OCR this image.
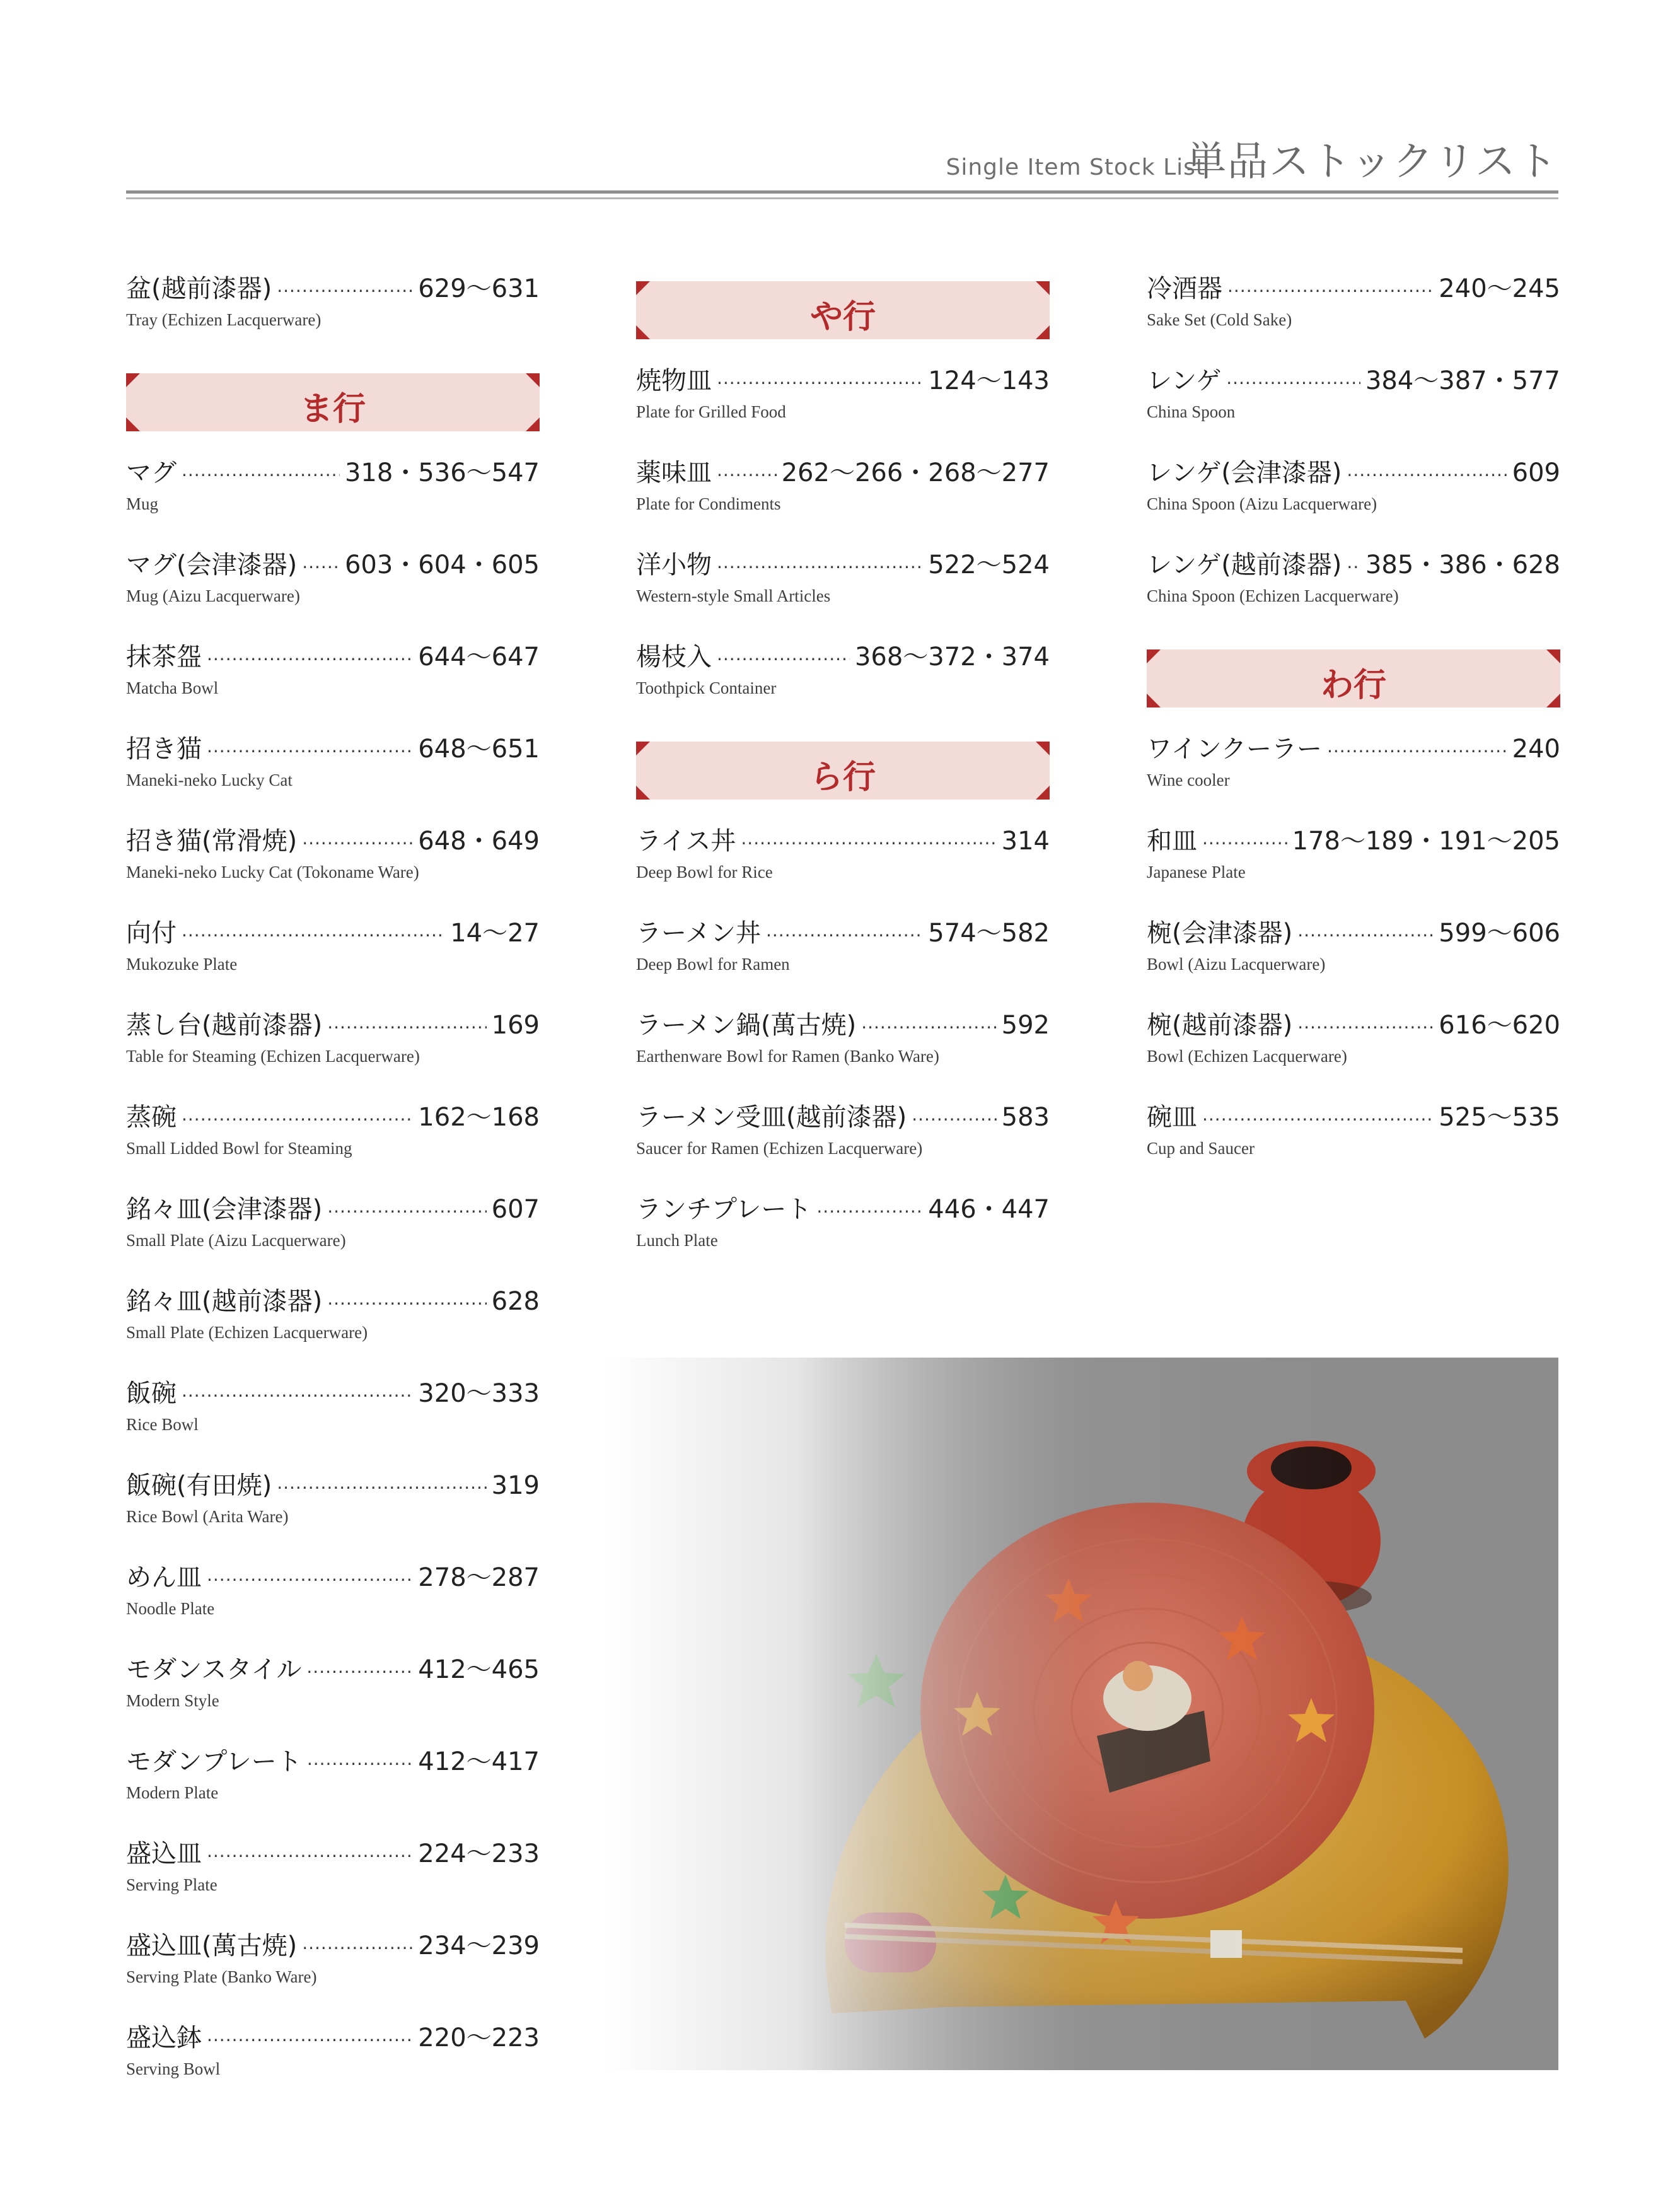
Single Item Stock List
単品ストックリスト
盆(越前漆器) ·····	629〜631
Tray (Echizen Lacquerware)
ま行
マグ ·····	318・536〜547
Mug
マグ(会津漆器) ····· 603・604・605
Mug (Aizu Lacquerware)
抹茶盌 ·····	644〜647
Matcha Bowl
招き猫 ·····	648〜651
Maneki-neko Lucky Cat
招き猫(常滑焼) ·····	648・649
Maneki-neko Lucky Cat (Tokoname Ware)
向付 ·····	14〜27
Mukozuke Plate
蒸し台(越前漆器) ·····	169
Table for Steaming (Echizen Lacquerware)
蒸碗 ·····	162〜168
Small Lidded Bowl for Steaming
銘々皿(会津漆器) ·····	607
Small Plate (Aizu Lacquerware)
銘々皿(越前漆器) ·····	628
Small Plate (Echizen Lacquerware)
飯碗 ·····	320〜333
Rice Bowl
飯碗(有田焼) ·····	319
Rice Bowl (Arita Ware)
めん皿 ·····	278〜287
Noodle Plate
モダンスタイル ·····	412〜465
Modern Style
モダンプレート ·····	412〜417
Modern Plate
盛込皿 ·····	224〜233
Serving Plate
盛込皿(萬古焼) ·····	234〜239
Serving Plate (Banko Ware)
盛込鉢 ·····	220〜223
Serving Bowl
や行
焼物皿 ·····	124〜143
Plate for Grilled Food
薬味皿 ·····	262〜266・268〜277
Plate for Condiments
洋小物 ·····	522〜524
Western-style Small Articles
楊枝入 ·····	368〜372・374
Toothpick Container
ら行
ライス丼 ·····	314
Deep Bowl for Rice
ラーメン丼 ·····	574〜582
Deep Bowl for Ramen
ラーメン鍋(萬古焼) ·····	592
Earthenware Bowl for Ramen (Banko Ware)
ラーメン受皿(越前漆器) ·····	583
Saucer for Ramen (Echizen Lacquerware)
ランチプレート ·····	446・447
Lunch Plate
冷酒器 ·····	240〜245
Sake Set (Cold Sake)
レンゲ ·····	384〜387・577
China Spoon
レンゲ(会津漆器) ·····	609
China Spoon (Aizu Lacquerware)
レンゲ(越前漆器) ····· 385・386・628
China Spoon (Echizen Lacquerware)
わ行
ワインクーラー ·····	240
Wine cooler
和皿 ·····	178〜189・191〜205
Japanese Plate
椀(会津漆器) ·····	599〜606
Bowl (Aizu Lacquerware)
椀(越前漆器) ·····	616〜620
Bowl (Echizen Lacquerware)
碗皿 ·····	525〜535
Cup and Saucer
